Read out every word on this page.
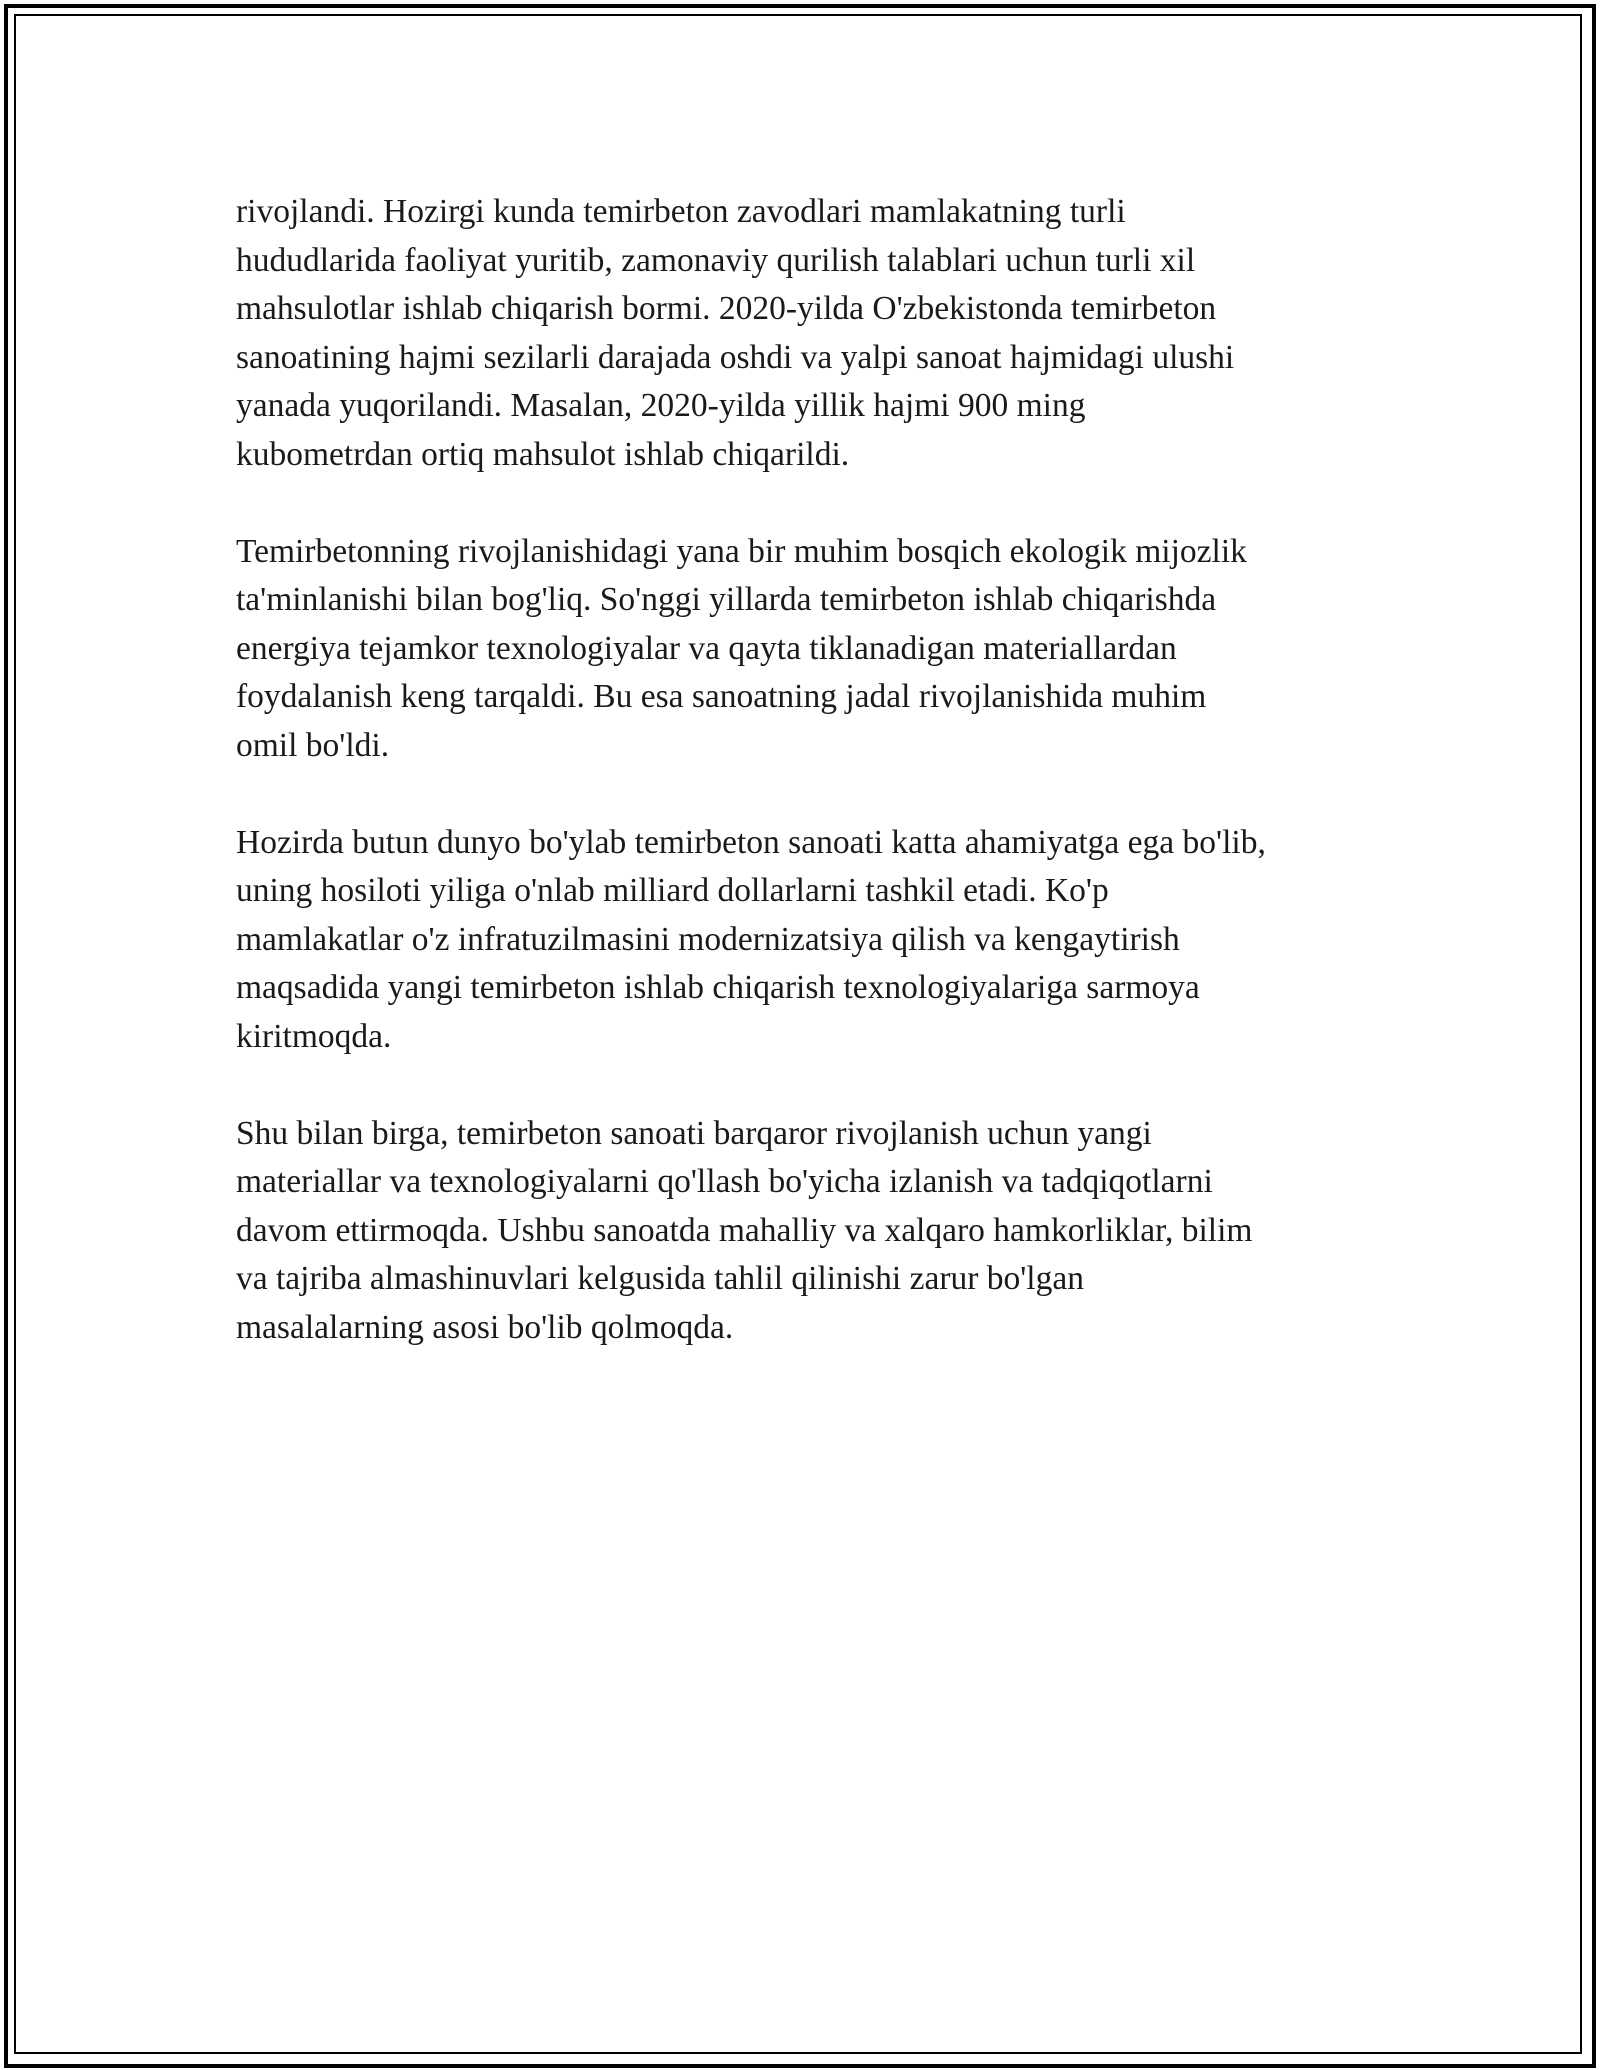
rivojlandi. Hozirgi kunda temirbeton zavodlari mamlakatning turli
hududlarida faoliyat yuritib, zamonaviy qurilish talablari uchun turli xil
mahsulotlar ishlab chiqarish bormi. 2020-yilda O'zbekistonda temirbeton
sanoatining hajmi sezilarli darajada oshdi va yalpi sanoat hajmidagi ulushi
yanada yuqorilandi. Masalan, 2020-yilda yillik hajmi 900 ming
kubometrdan ortiq mahsulot ishlab chiqarildi.

Temirbetonning rivojlanishidagi yana bir muhim bosqich ekologik mijozlik
ta'minlanishi bilan bog'liq. So'nggi yillarda temirbeton ishlab chiqarishda
energiya tejamkor texnologiyalar va qayta tiklanadigan materiallardan
foydalanish keng tarqaldi. Bu esa sanoatning jadal rivojlanishida muhim
omil bo'ldi.

Hozirda butun dunyo bo'ylab temirbeton sanoati katta ahamiyatga ega bo'lib,
uning hosiloti yiliga o'nlab milliard dollarlarni tashkil etadi. Ko'p
mamlakatlar o'z infratuzilmasini modernizatsiya qilish va kengaytirish
maqsadida yangi temirbeton ishlab chiqarish texnologiyalariga sarmoya
kiritmoqda.

Shu bilan birga, temirbeton sanoati barqaror rivojlanish uchun yangi
materiallar va texnologiyalarni qo'llash bo'yicha izlanish va tadqiqotlarni
davom ettirmoqda. Ushbu sanoatda mahalliy va xalqaro hamkorliklar, bilim
va tajriba almashinuvlari kelgusida tahlil qilinishi zarur bo'lgan
masalalarning asosi bo'lib qolmoqda.
